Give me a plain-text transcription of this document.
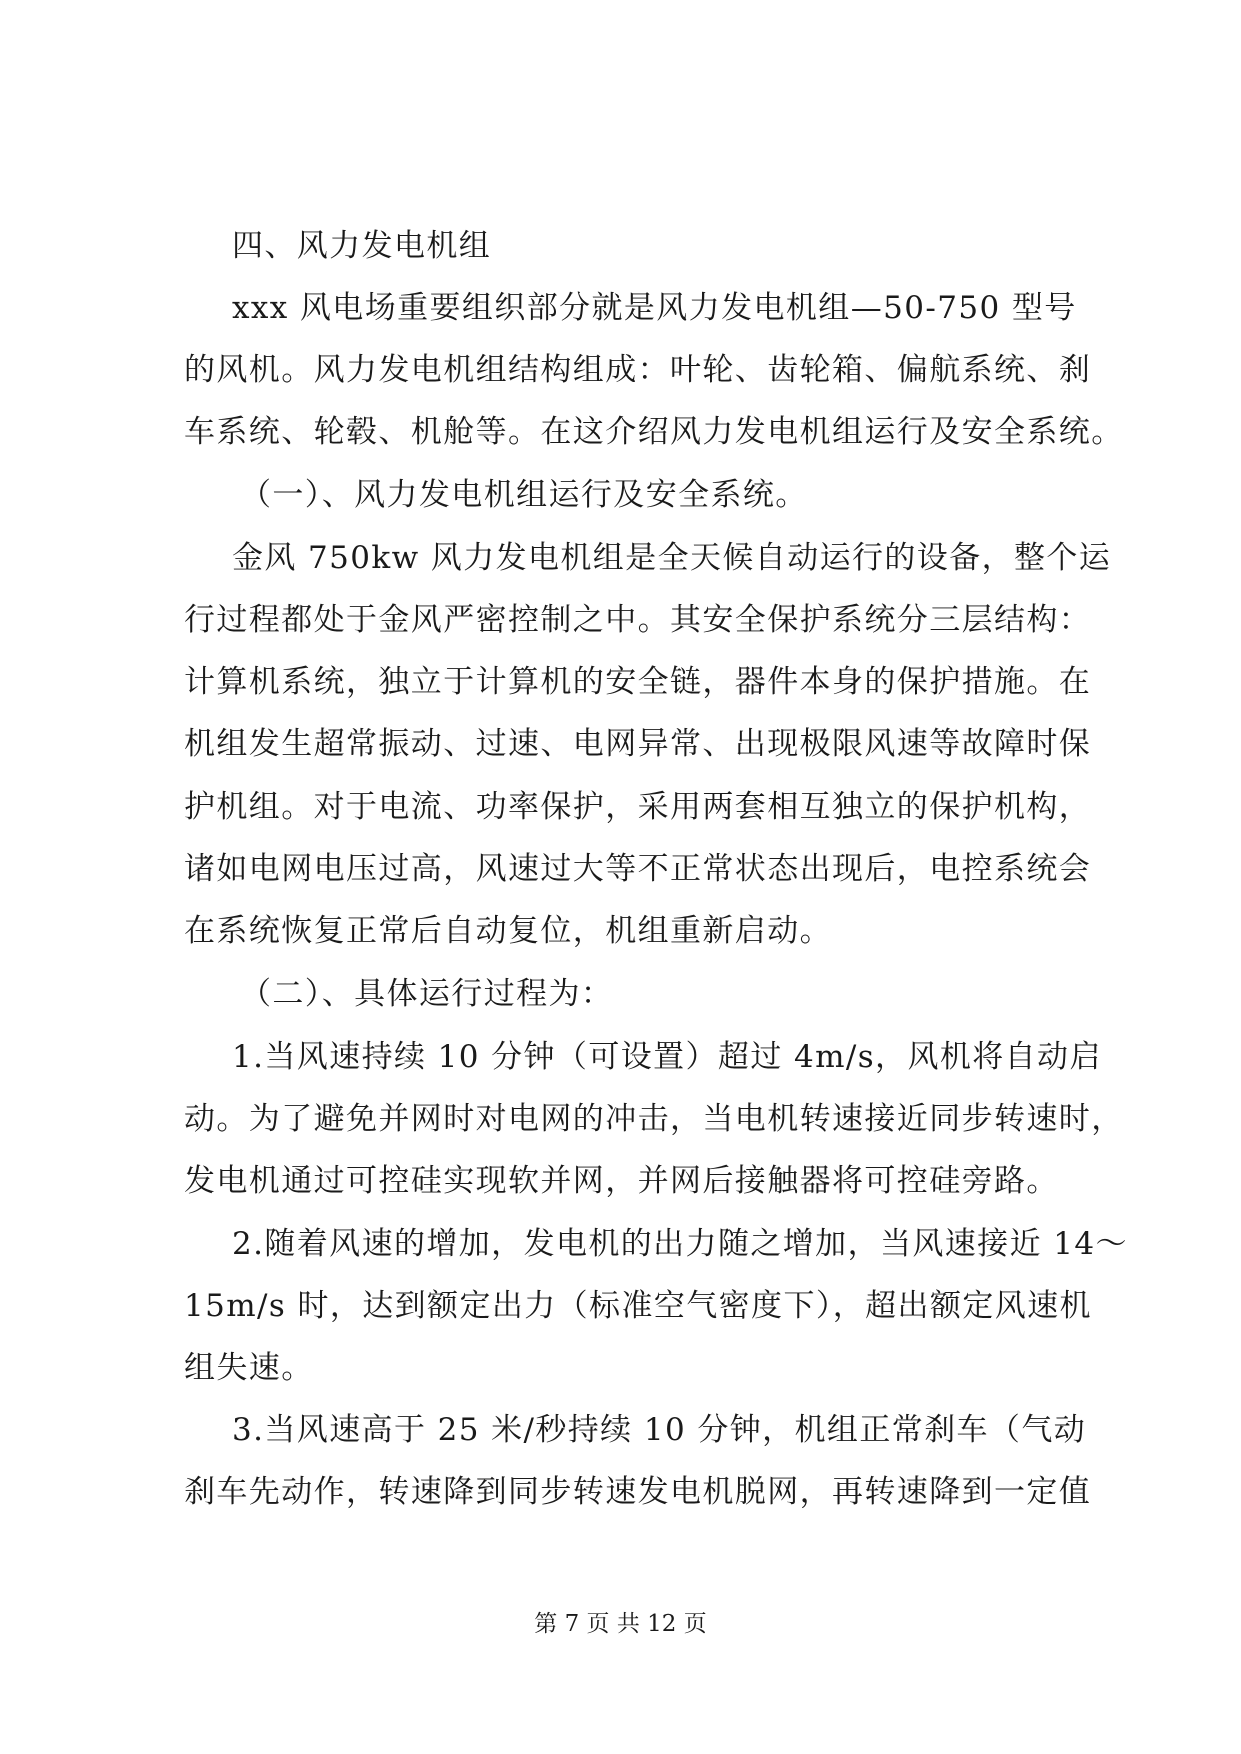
四、风力发电机组
xxx 风电场重要组织部分就是风力发电机组—50-750 型号
的风机。风力发电机组结构组成：叶轮、齿轮箱、偏航系统、刹
车系统、轮毂、机舱等。在这介绍风力发电机组运行及安全系统。
（一）、风力发电机组运行及安全系统。
金风 750kw 风力发电机组是全天候自动运行的设备，整个运
行过程都处于金风严密控制之中。其安全保护系统分三层结构：
计算机系统，独立于计算机的安全链，器件本身的保护措施。在
机组发生超常振动、过速、电网异常、出现极限风速等故障时保
护机组。对于电流、功率保护，采用两套相互独立的保护机构，
诸如电网电压过高，风速过大等不正常状态出现后，电控系统会
在系统恢复正常后自动复位，机组重新启动。
（二）、具体运行过程为：
1.当风速持续 10 分钟（可设置）超过 4m/s，风机将自动启
动。为了避免并网时对电网的冲击，当电机转速接近同步转速时，
发电机通过可控硅实现软并网，并网后接触器将可控硅旁路。
2.随着风速的增加，发电机的出力随之增加，当风速接近 14～
15m/s 时，达到额定出力（标准空气密度下），超出额定风速机
组失速。
3.当风速高于 25 米/秒持续 10 分钟，机组正常刹车（气动
刹车先动作，转速降到同步转速发电机脱网，再转速降到一定值
第 7 页 共 12 页
